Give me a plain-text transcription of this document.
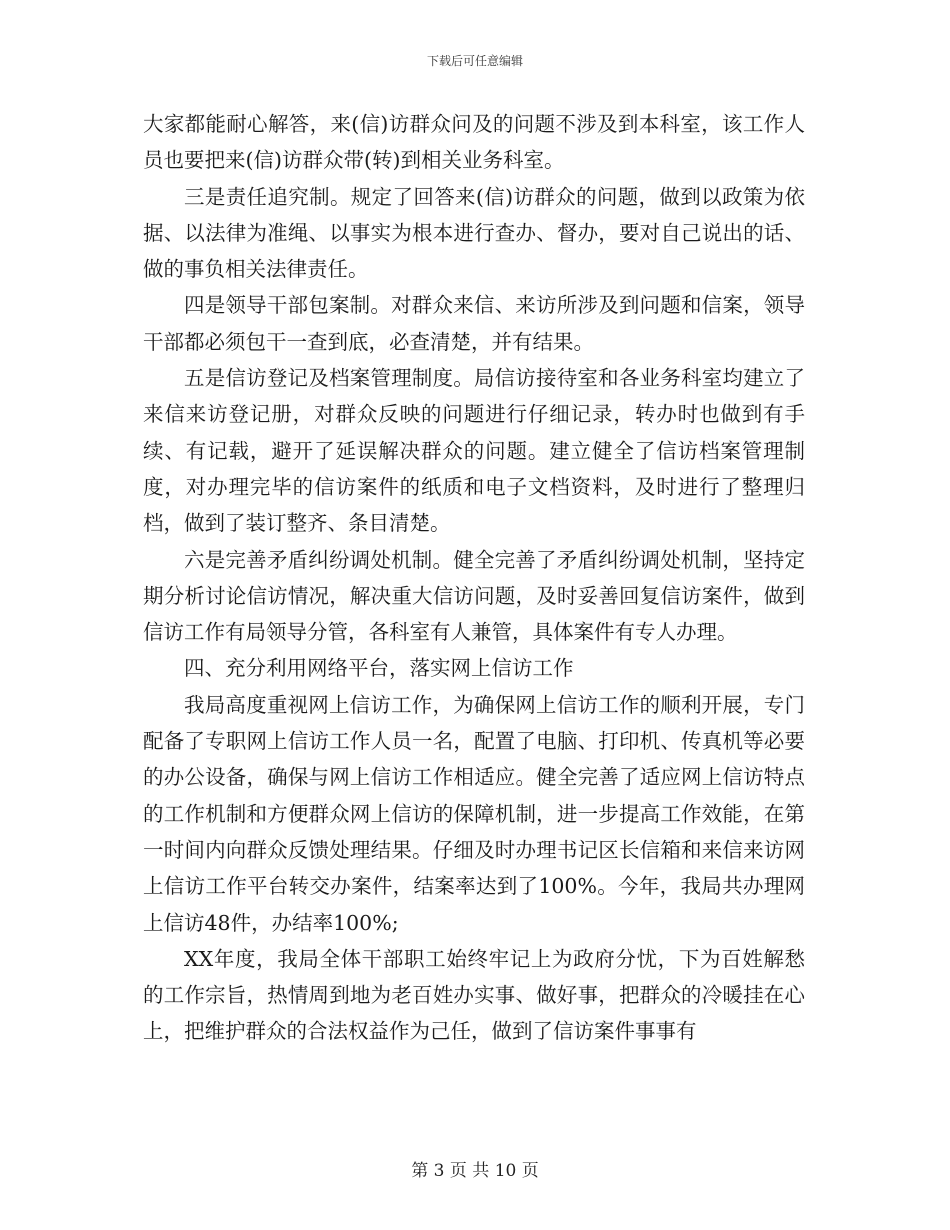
下载后可任意编辑

大家都能耐心解答，来(信)访群众问及的问题不涉及到本科室，该工作人员也要把来(信)访群众带(转)到相关业务科室。

三是责任追究制。规定了回答来(信)访群众的问题，做到以政策为依据、以法律为准绳、以事实为根本进行查办、督办，要对自己说出的话、做的事负相关法律责任。

四是领导干部包案制。对群众来信、来访所涉及到问题和信案，领导干部都必须包干一查到底，必查清楚，并有结果。

五是信访登记及档案管理制度。局信访接待室和各业务科室均建立了来信来访登记册，对群众反映的问题进行仔细记录，转办时也做到有手续、有记载，避开了延误解决群众的问题。建立健全了信访档案管理制度，对办理完毕的信访案件的纸质和电子文档资料，及时进行了整理归档，做到了装订整齐、条目清楚。

六是完善矛盾纠纷调处机制。健全完善了矛盾纠纷调处机制，坚持定期分析讨论信访情况，解决重大信访问题，及时妥善回复信访案件，做到信访工作有局领导分管，各科室有人兼管，具体案件有专人办理。

四、充分利用网络平台，落实网上信访工作

我局高度重视网上信访工作，为确保网上信访工作的顺利开展，专门配备了专职网上信访工作人员一名，配置了电脑、打印机、传真机等必要的办公设备，确保与网上信访工作相适应。健全完善了适应网上信访特点的工作机制和方便群众网上信访的保障机制，进一步提高工作效能，在第一时间内向群众反馈处理结果。仔细及时办理书记区长信箱和来信来访网上信访工作平台转交办案件，结案率达到了100%。今年，我局共办理网上信访48件，办结率100%;

XX年度，我局全体干部职工始终牢记上为政府分忧，下为百姓解愁的工作宗旨，热情周到地为老百姓办实事、做好事，把群众的冷暖挂在心上，把维护群众的合法权益作为己任，做到了信访案件事事有

第 3 页 共 10 页
